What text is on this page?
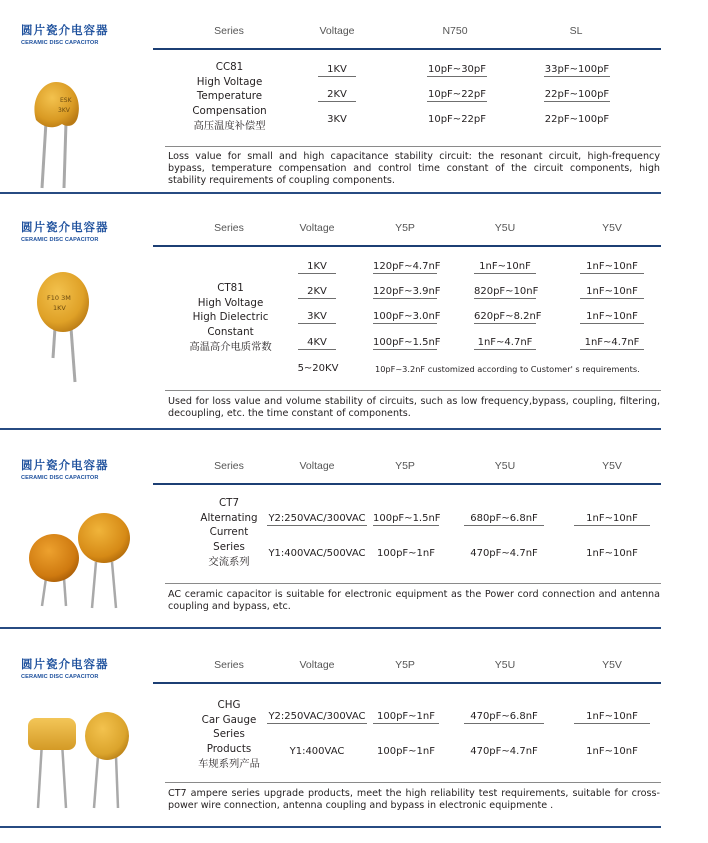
圆片瓷介电容器
CERAMIC DISC CAPACITOR
Series	Voltage	N750	SL
ESK
3KV
CC81
High Voltage
Temperature
Compensation
高压温度补偿型
1KV	10pF~30pF	33pF~100pF
2KV	10pF~22pF	22pF~100pF
3KV	10pF~22pF	22pF~100pF
Loss value for small and high capacitance stability circuit: the resonant circuit, high-frequency bypass, temperature compensation and control time constant of the circuit components, high stability requirements of coupling components.
圆片瓷介电容器
CERAMIC DISC CAPACITOR
Series	Voltage	Y5P	Y5U	Y5V
F10 3M
1KV
CT81
High Voltage
High Dielectric
Constant
高温高介电质常数
1KV	120pF~4.7nF	1nF~10nF	1nF~10nF
2KV	120pF~3.9nF	820pF~10nF	1nF~10nF
3KV	100pF~3.0nF	620pF~8.2nF	1nF~10nF
4KV	100pF~1.5nF	1nF~4.7nF	1nF~4.7nF
5~20KV	10pF~3.2nF customized according to Customer' s requirements.
Used for loss value and volume stability of circuits, such as low frequency,bypass, coupling, filtering, decoupling, etc. the time constant of components.
圆片瓷介电容器
CERAMIC DISC CAPACITOR
Series	Voltage	Y5P	Y5U	Y5V
CT7
Alternating
Current
Series
交流系列
Y2:250VAC/300VAC 100pF~1.5nF	680pF~6.8nF	1nF~10nF
Y1:400VAC/500VAC	100pF~1nF	470pF~4.7nF	1nF~10nF
AC ceramic capacitor is suitable for electronic equipment as the Power cord connection and antenna coupling and bypass, etc.
圆片瓷介电容器
CERAMIC DISC CAPACITOR
Series	Voltage	Y5P	Y5U	Y5V
CHG
Car Gauge
Series
Products
车规系列产品
Y2:250VAC/300VAC	100pF~1nF	470pF~6.8nF	1nF~10nF
Y1:400VAC	100pF~1nF	470pF~4.7nF	1nF~10nF
CT7 ampere series upgrade products, meet the high reliability test requirements, suitable for cross-power wire connection, antenna coupling and bypass in electronic equipmente .
